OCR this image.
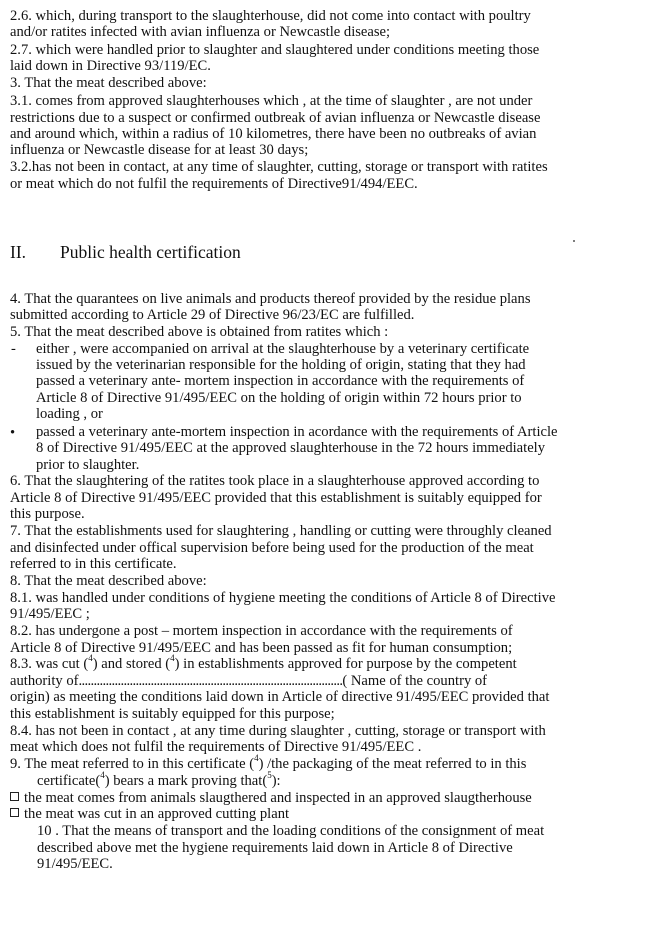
2.6. which, during transport to the slaughterhouse, did not come into contact with poultry
and/or ratites infected with avian influenza or Newcastle disease;
2.7. which were handled prior to slaughter and slaughtered under conditions meeting those
laid down in Directive 93/119/EC.
3. That the meat described above:
3.1. comes from approved slaughterhouses which , at the time of slaughter , are not under
restrictions due to a suspect or confirmed outbreak of avian influenza or Newcastle disease
and around which, within a radius of 10 kilometres, there have been no outbreaks of avian
influenza or Newcastle disease for at least 30 days;
3.2.has not been in contact, at any time of slaughter, cutting, storage or transport with ratites
or meat which do not fulfil the requirements of Directive91/494/EEC.
II. Public health certification
4. That the quarantees on live animals and products thereof provided by the residue plans
submitted according to Article 29 of Directive 96/23/EC are fulfilled.
5. That the meat described above is obtained from ratites which :
- either , were accompanied on arrival at the slaughterhouse by a veterinary certificate
issued by the veterinarian responsible for the holding of origin, stating that they had
passed a veterinary ante- mortem inspection in accordance with the requirements of
Article 8 of Directive 91/495/EEC on the holding of origin within 72 hours prior to
loading , or
• passed a veterinary ante-mortem inspection in acordance with the requirements of Article
8 of Directive 91/495/EEC at the approved slaughterhouse in the 72 hours immediately
prior to slaughter.
6. That the slaughtering of the ratites took place in a slaughterhouse approved according to
Article 8 of Directive 91/495/EEC provided that this establishment is suitably equipped for
this purpose.
7. That the establishments used for slaughtering , handling or cutting were throughly cleaned
and disinfected under offical supervision before being used for the production of the meat
referred to in this certificate.
8. That the meat described above:
8.1. was handled under conditions of hygiene meeting the conditions of Article 8 of Directive
91/495/EEC ;
8.2. has undergone a post – mortem inspection in accordance with the requirements of
Article 8 of Directive 91/495/EEC and has been passed as fit for human consumption;
8.3. was cut ($^4$) and stored ($^4$) in establishments approved for purpose by the competent
authority of........................................................................................( Name of the country of
origin) as meeting the conditions laid down in Article of directive 91/495/EEC provided that
this establishment is suitably equipped for this purpose;
8.4. has not been in contact , at any time during slaughter , cutting, storage or transport with
meat which does not fulfil the requirements of Directive 91/495/EEC .
9. The meat referred to in this certificate ($^4$) /the packaging of the meat referred to in this
certificate($^4$) bears a mark proving that($^5$):
the meat comes from animals slaugthered and inspected in an approved slaugtherhouse
the meat was cut in an approved cutting plant
10 . That the means of transport and the loading conditions of the consignment of meat
described above met the hygiene requirements laid down in Article 8 of Directive
91/495/EEC.
